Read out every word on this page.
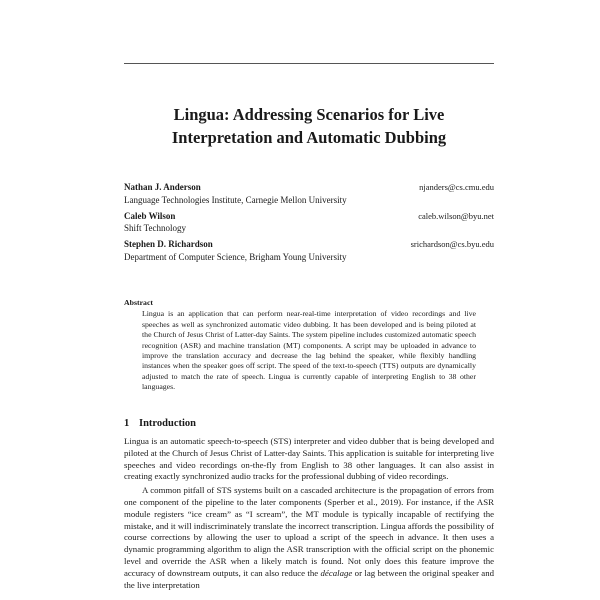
Lingua: Addressing Scenarios for Live Interpretation and Automatic Dubbing
Nathan J. Anderson	njanders@cs.cmu.edu
Language Technologies Institute, Carnegie Mellon University
Caleb Wilson	caleb.wilson@byu.net
Shift Technology
Stephen D. Richardson	srichardson@cs.byu.edu
Department of Computer Science, Brigham Young University
Abstract
Lingua is an application that can perform near-real-time interpretation of video recordings and live speeches as well as synchronized automatic video dubbing. It has been developed and is being piloted at the Church of Jesus Christ of Latter-day Saints. The system pipeline includes customized automatic speech recognition (ASR) and machine translation (MT) components. A script may be uploaded in advance to improve the translation accuracy and decrease the lag behind the speaker, while flexibly handling instances when the speaker goes off script. The speed of the text-to-speech (TTS) outputs are dynamically adjusted to match the rate of speech. Lingua is currently capable of interpreting English to 38 other languages.
1 Introduction

Lingua is an automatic speech-to-speech (STS) interpreter and video dubber that is being developed and piloted at the Church of Jesus Christ of Latter-day Saints. This application is suitable for interpreting live speeches and video recordings on-the-fly from English to 38 other languages. It can also assist in creating exactly synchronized audio tracks for the professional dubbing of video recordings.

A common pitfall of STS systems built on a cascaded architecture is the propagation of errors from one component of the pipeline to the later components (Sperber et al., 2019). For instance, if the ASR module registers “ice cream” as “I scream”, the MT module is typically incapable of rectifying the mistake, and it will indiscriminately translate the incorrect transcription. Lingua affords the possibility of course corrections by allowing the user to upload a script of the speech in advance. It then uses a dynamic programming algorithm to align the ASR transcription with the official script on the phonemic level and override the ASR when a likely match is found. Not only does this feature improve the accuracy of downstream outputs, it can also reduce the décalage or lag between the original speaker and the live interpretation
